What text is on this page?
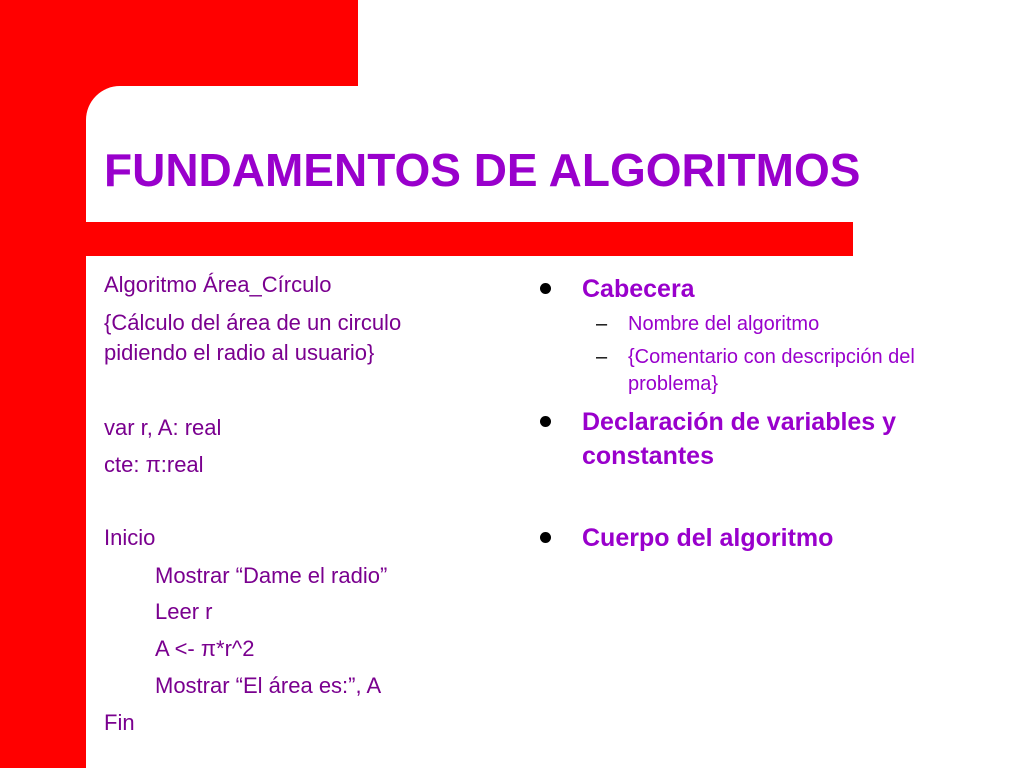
FUNDAMENTOS DE ALGORITMOS
Algoritmo Área_Círculo
{Cálculo del área de un circulo
pidiendo el radio al usuario}
var r, A: real
cte: π:real
Inicio
Mostrar “Dame el radio”
Leer r
A <- π*r^2
Mostrar “El área es:”, A
Fin
Cabecera
– Nombre del algoritmo
– {Comentario con descripción del problema}
Declaración de variables y constantes
Cuerpo del algoritmo
